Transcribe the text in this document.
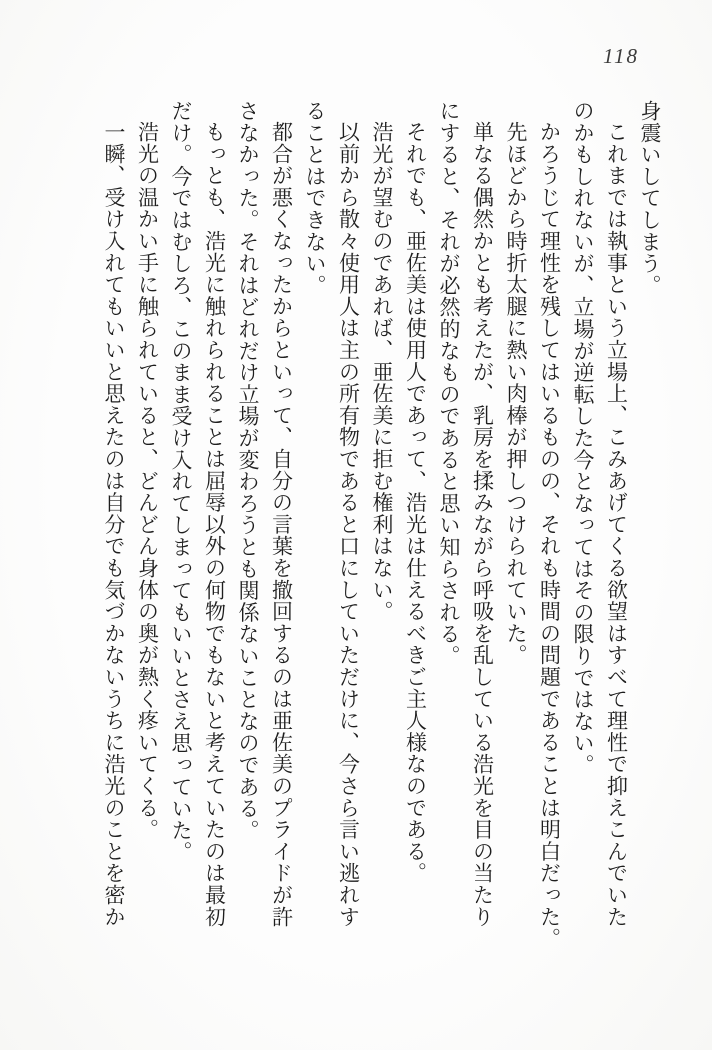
118
身震いしてしまう。
これまでは執事という立場上、こみあげてくる欲望はすべて理性で抑えこんでいた
のかもしれないが、立場が逆転した今となってはその限りではない。
かろうじて理性を残してはいるものの、それも時間の問題であることは明白だった。
先ほどから時折太腿に熱い肉棒が押しつけられていた。
単なる偶然かとも考えたが、乳房を揉みながら呼吸を乱している浩光を目の当たり
にすると、それが必然的なものであると思い知らされる。
それでも、亜佐美は使用人であって、浩光は仕えるべきご主人様なのである。
浩光が望むのであれば、亜佐美に拒む権利はない。
以前から散々使用人は主の所有物であると口にしていただけに、今さら言い逃れす
ることはできない。
都合が悪くなったからといって、自分の言葉を撤回するのは亜佐美のプライドが許
さなかった。それはどれだけ立場が変わろうとも関係ないことなのである。
もっとも、浩光に触れられることは屈辱以外の何物でもないと考えていたのは最初
だけ。今ではむしろ、このまま受け入れてしまってもいいとさえ思っていた。
浩光の温かい手に触られていると、どんどん身体の奥が熱く疼いてくる。
一瞬、受け入れてもいいと思えたのは自分でも気づかないうちに浩光のことを密か
